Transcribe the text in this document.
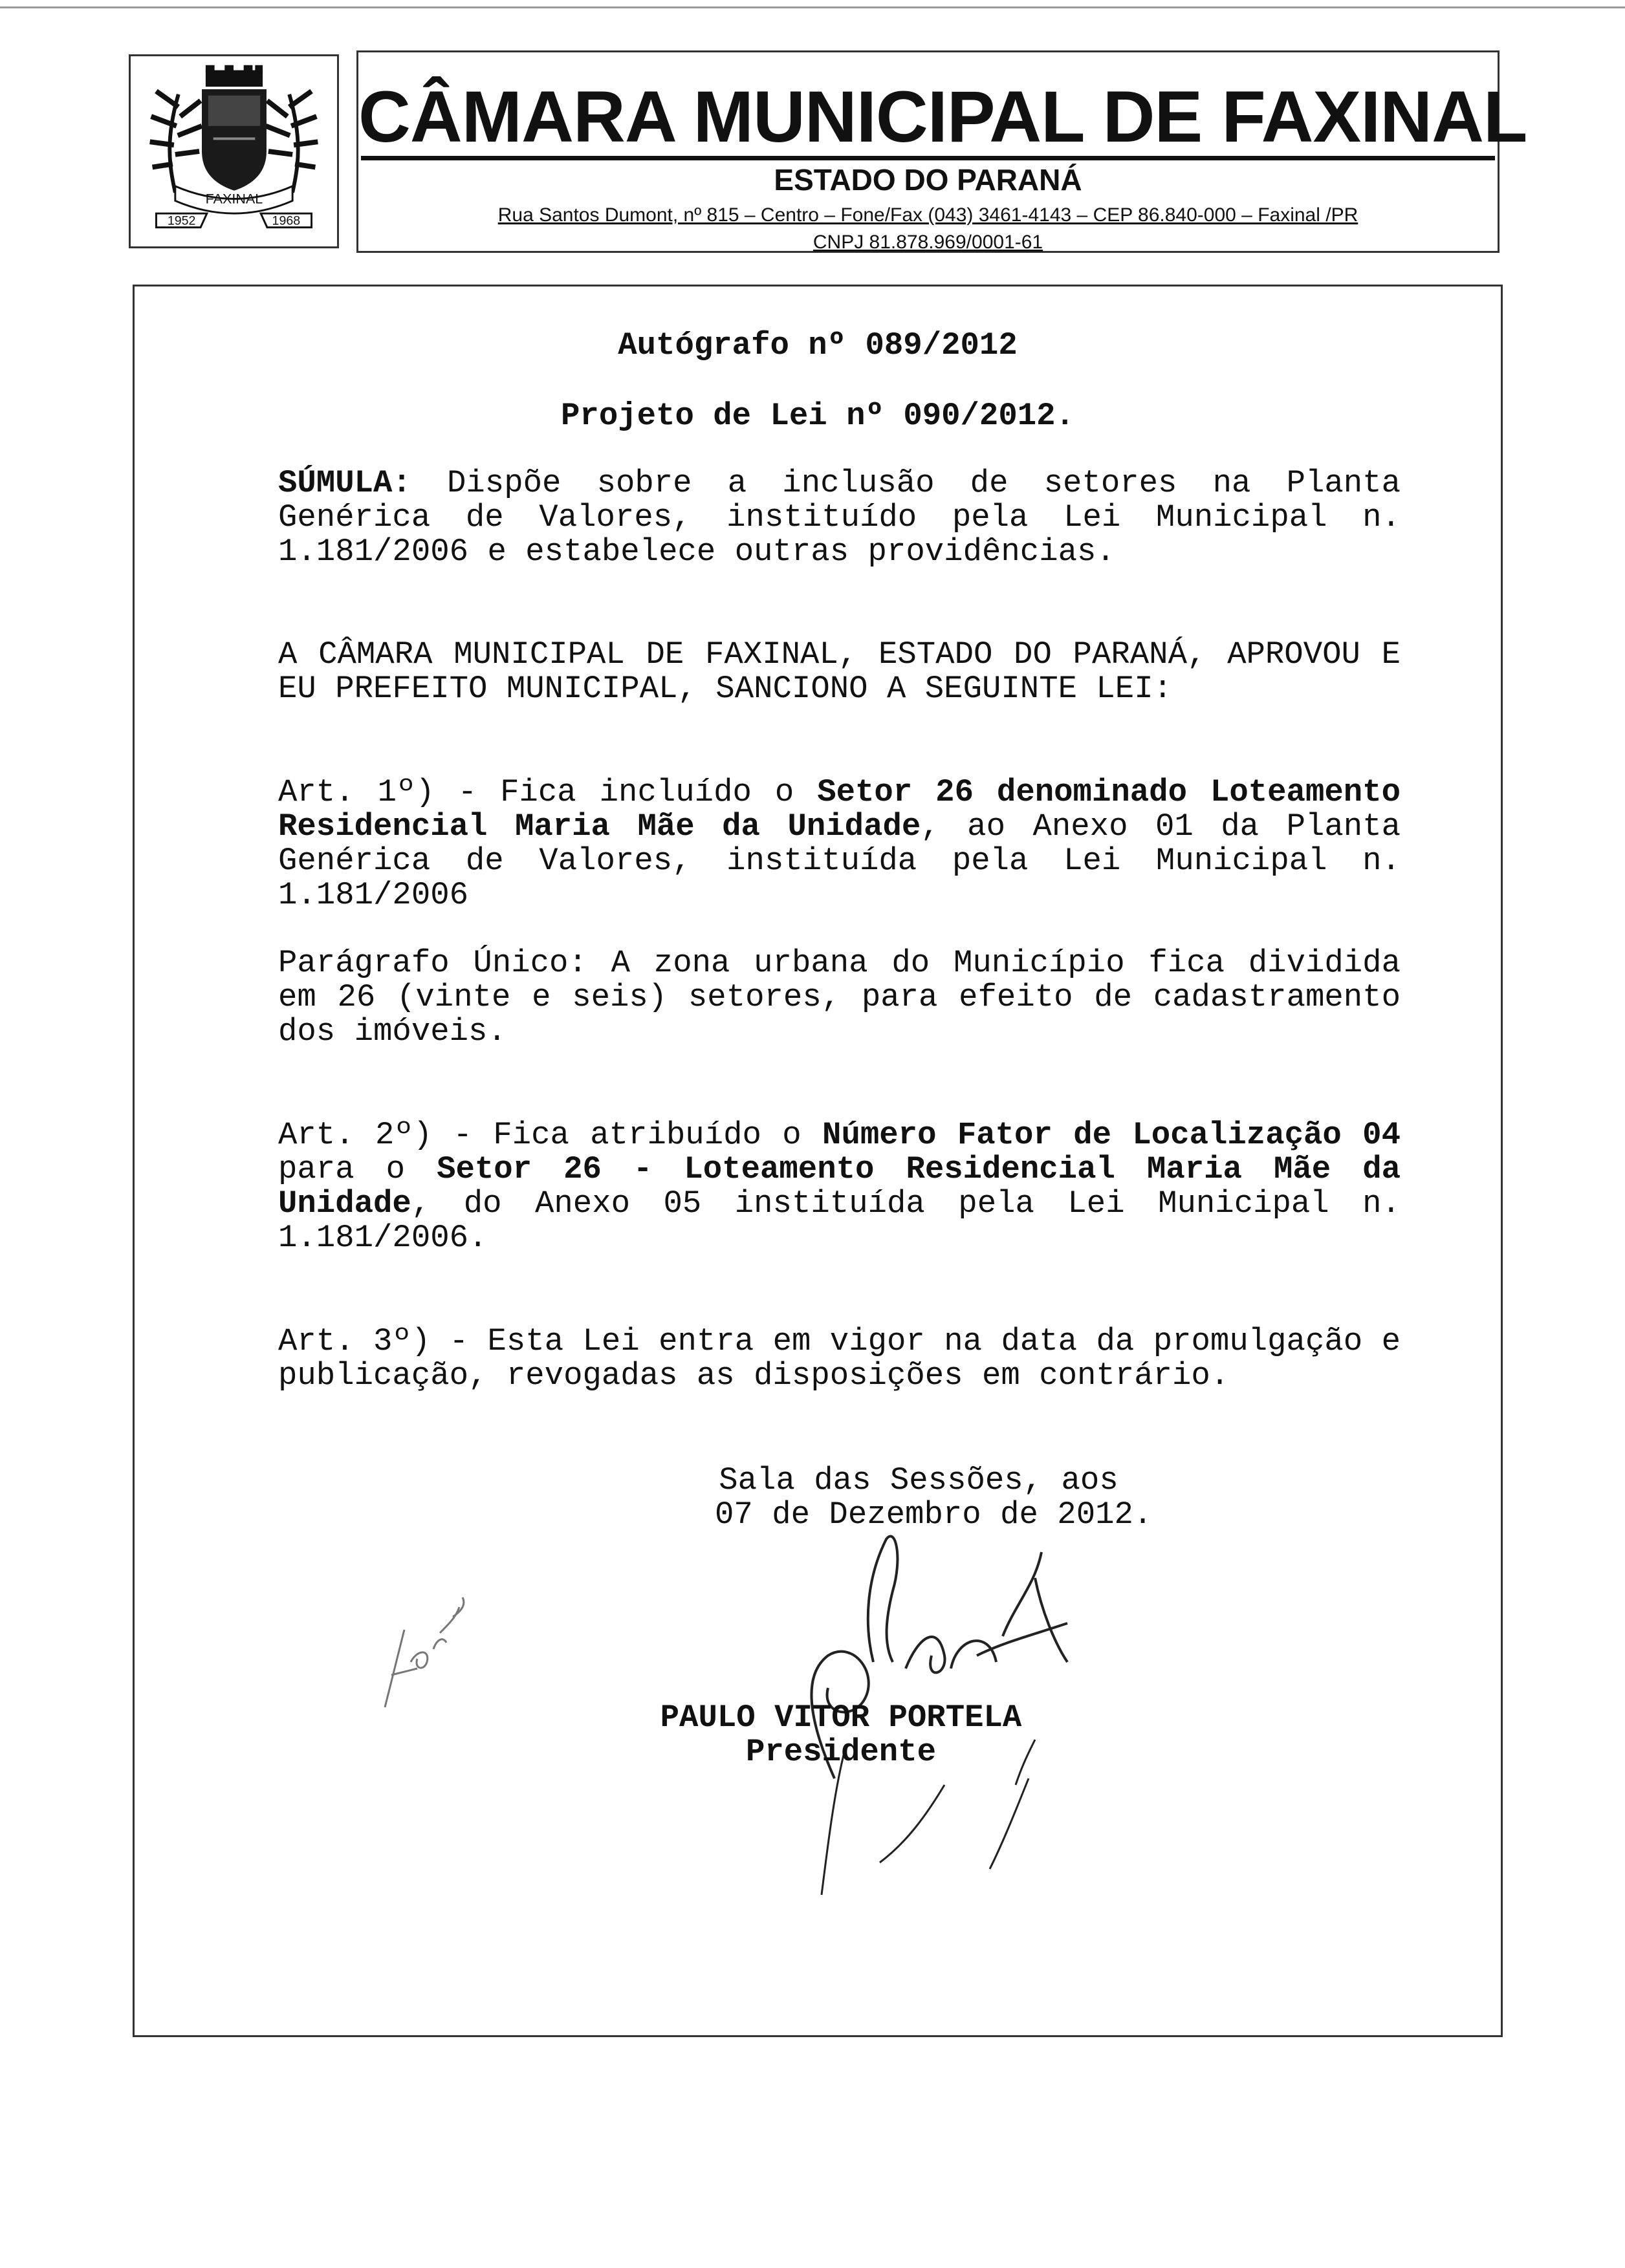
FAXINAL
1952	1968
CÂMARA MUNICIPAL DE FAXINAL
ESTADO DO PARANÁ
Rua Santos Dumont, nº 815 – Centro – Fone/Fax (043) 3461-4143 – CEP 86.840-000 – Faxinal /PR
CNPJ 81.878.969/0001-61
Autógrafo nº 089/2012
Projeto de Lei nº 090/2012.
SÚMULA: Dispõe sobre a inclusão de setores na Planta Genérica de Valores, instituído pela Lei Municipal n. 1.181/2006 e estabelece outras providências.
A CÂMARA MUNICIPAL DE FAXINAL, ESTADO DO PARANÁ, APROVOU E EU PREFEITO MUNICIPAL, SANCIONO A SEGUINTE LEI:
Art. 1º) - Fica incluído o Setor 26 denominado Loteamento Residencial Maria Mãe da Unidade, ao Anexo 01 da Planta Genérica de Valores, instituída pela Lei Municipal n. 1.181/2006
Parágrafo Único: A zona urbana do Município fica dividida em 26 (vinte e seis) setores, para efeito de cadastramento dos imóveis.
Art. 2º) - Fica atribuído o Número Fator de Localização 04 para o Setor 26 - Loteamento Residencial Maria Mãe da Unidade, do Anexo 05 instituída pela Lei Municipal n. 1.181/2006.
Art. 3º) - Esta Lei entra em vigor na data da promulgação e publicação, revogadas as disposições em contrário.
Sala das Sessões, aos
07 de Dezembro de 2012.
PAULO VITOR PORTELA
Presidente
